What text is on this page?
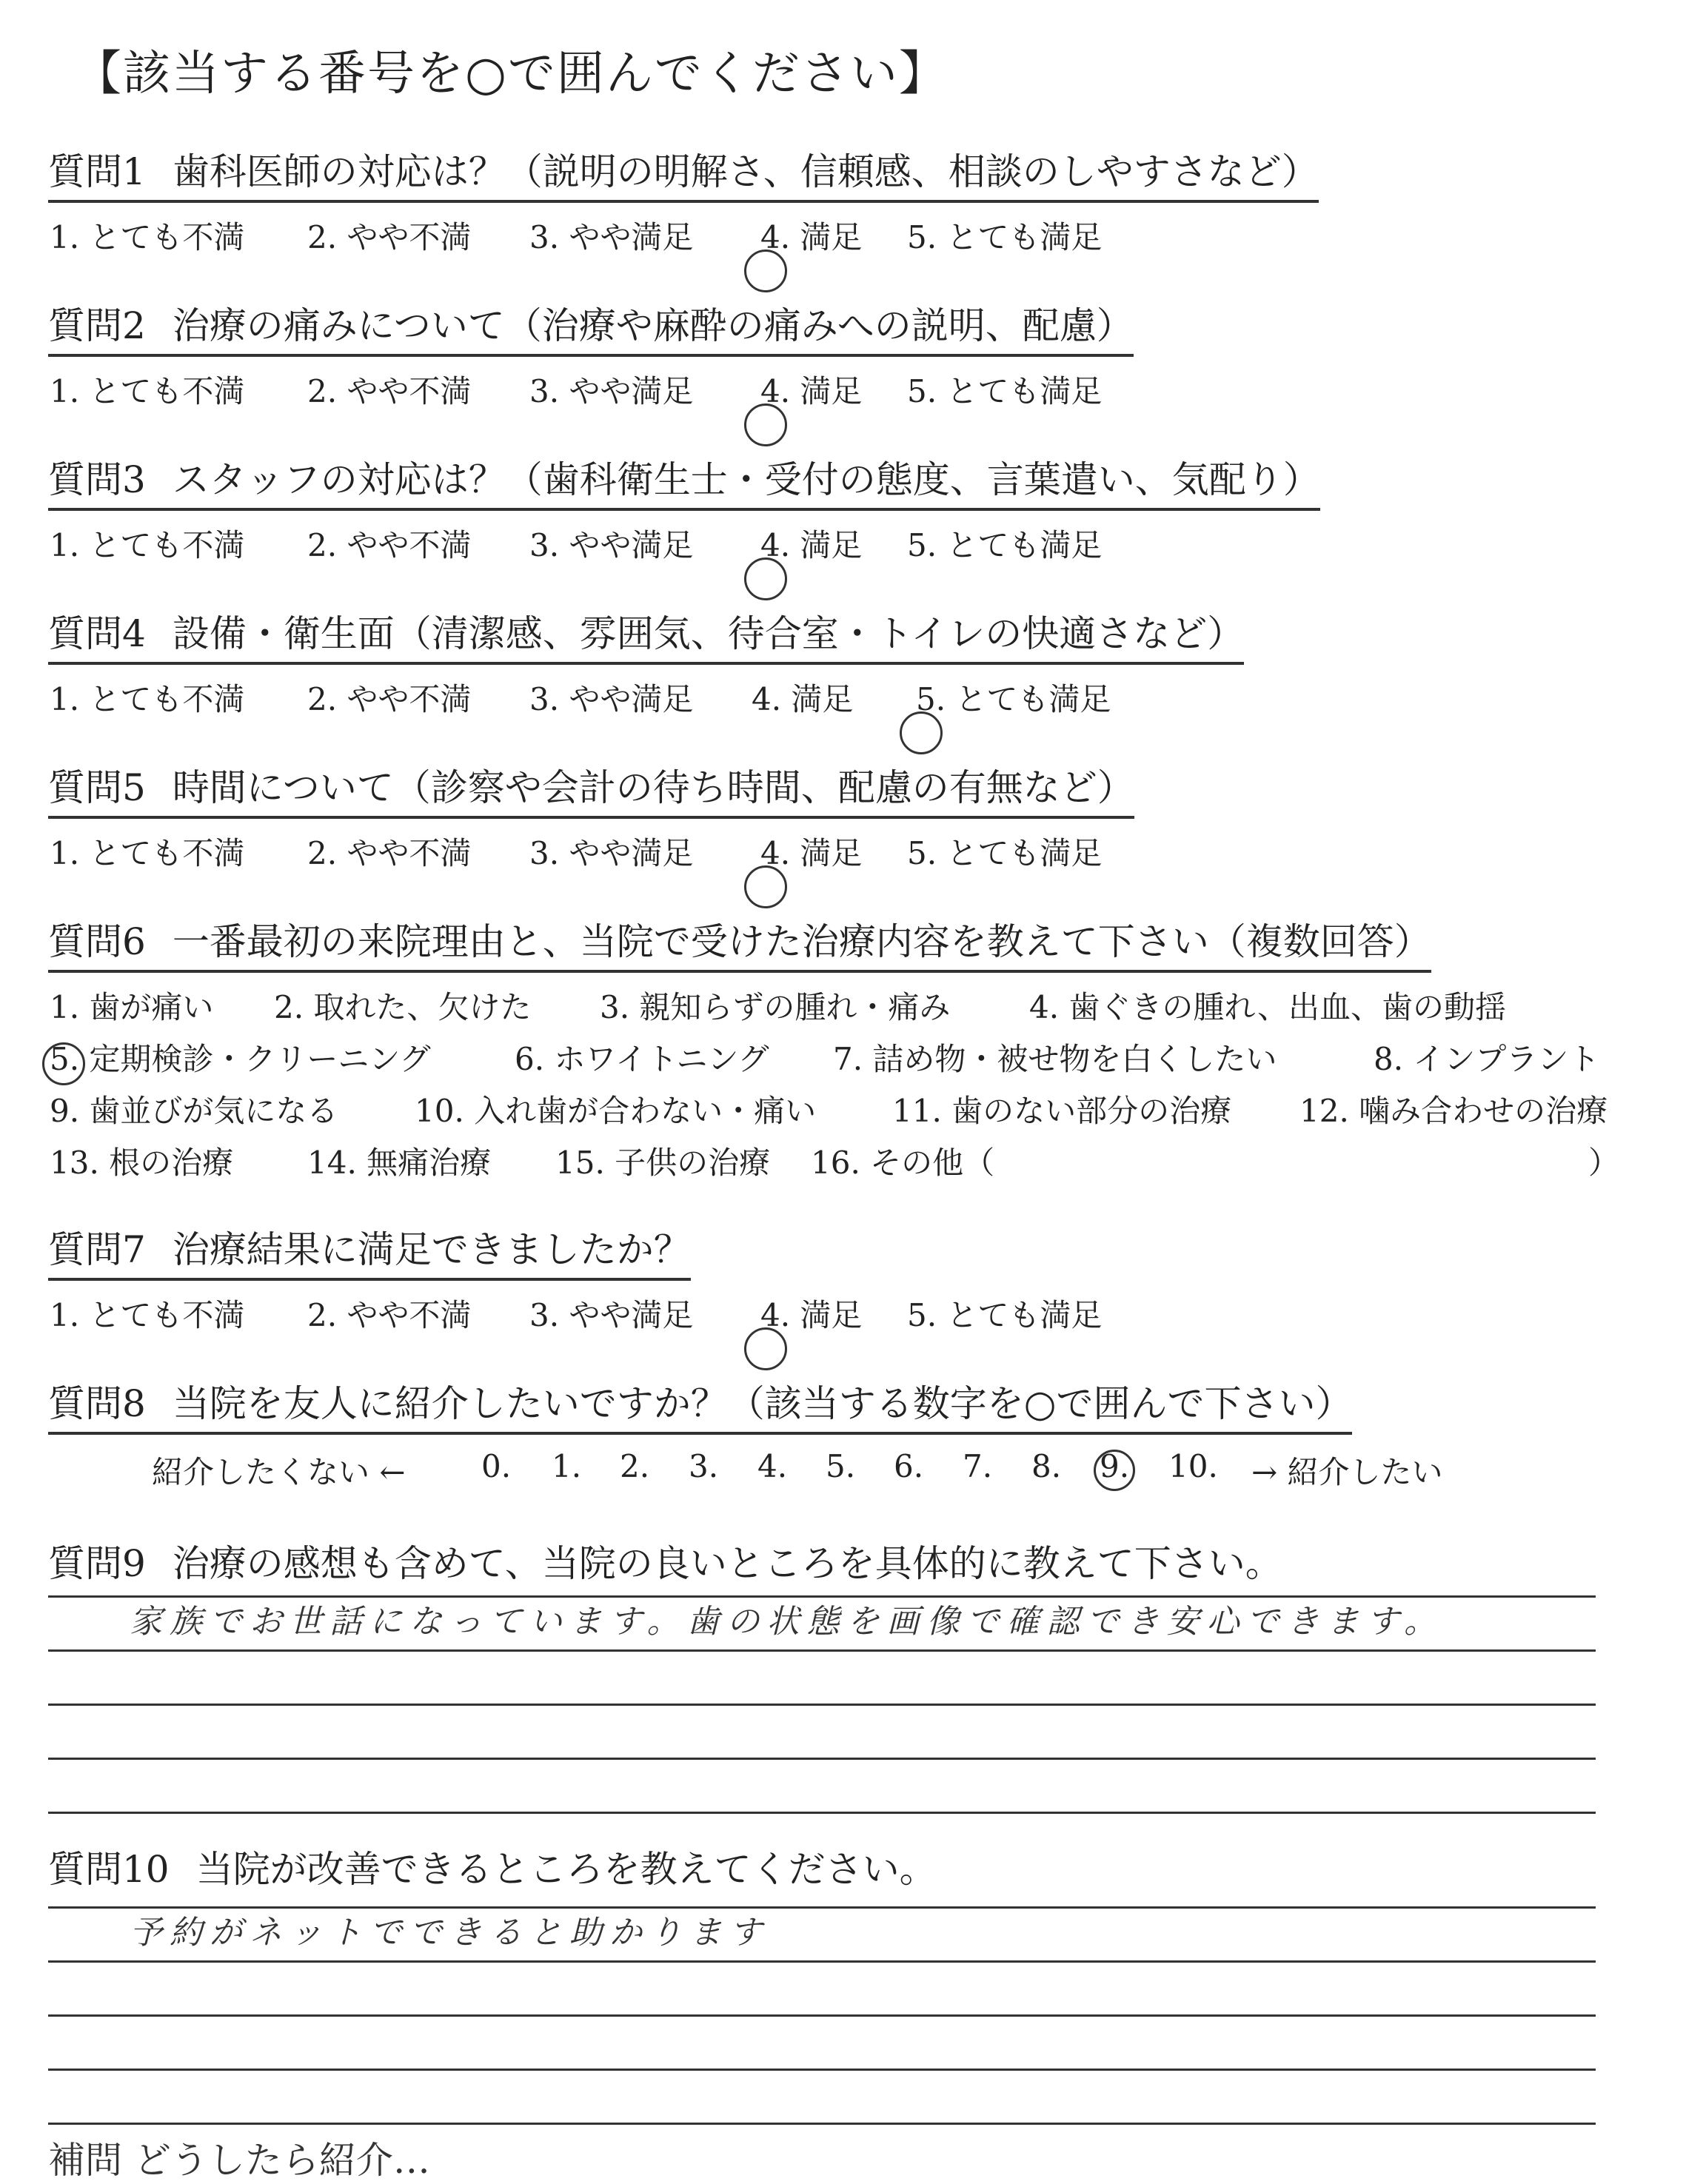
【該当する番号を○で囲んでください】
質問1 歯科医師の対応は？（説明の明解さ、信頼感、相談のしやすさなど）
1. とても不満 2. やや不満 3. やや満足 4. 満足 5. とても満足
質問2 治療の痛みについて（治療や麻酔の痛みへの説明、配慮）
1. とても不満 2. やや不満 3. やや満足 4. 満足 5. とても満足
質問3 スタッフの対応は？（歯科衛生士・受付の態度、言葉遣い、気配り）
1. とても不満 2. やや不満 3. やや満足 4. 満足 5. とても満足
質問4 設備・衛生面（清潔感、雰囲気、待合室・トイレの快適さなど）
1. とても不満 2. やや不満 3. やや満足 4. 満足 5. とても満足
質問5 時間について（診察や会計の待ち時間、配慮の有無など）
1. とても不満 2. やや不満 3. やや満足 4. 満足 5. とても満足
質問6 一番最初の来院理由と、当院で受けた治療内容を教えて下さい（複数回答）
1. 歯が痛い 2. 取れた、欠けた 3. 親知らずの腫れ・痛み	4. 歯ぐきの腫れ、出血、歯の動揺
5. 定期検診・クリーニング	6. ホワイトニング 7. 詰め物・被せ物を白くしたい	8. インプラント
9. 歯並びが気になる 10. 入れ歯が合わない・痛い 11. 歯のない部分の治療 12. 噛み合わせの治療
13. 根の治療 14. 無痛治療 15. 子供の治療 16. その他（	）
質問7 治療結果に満足できましたか？
1. とても不満 2. やや不満 3. やや満足 4. 満足 5. とても満足
質問8 当院を友人に紹介したいですか？（該当する数字を○で囲んで下さい）
紹介したくない ← 0. 1. 2. 3. 4. 5. 6. 7. 8. 9. 10. → 紹介したい
質問9 治療の感想も含めて、当院の良いところを具体的に教えて下さい。
家族でお世話になっています。歯の状態を画像で確認でき安心できます。
質問10 当院が改善できるところを教えてください。
予約がネットでできると助かります
補問 どうしたら紹介…
